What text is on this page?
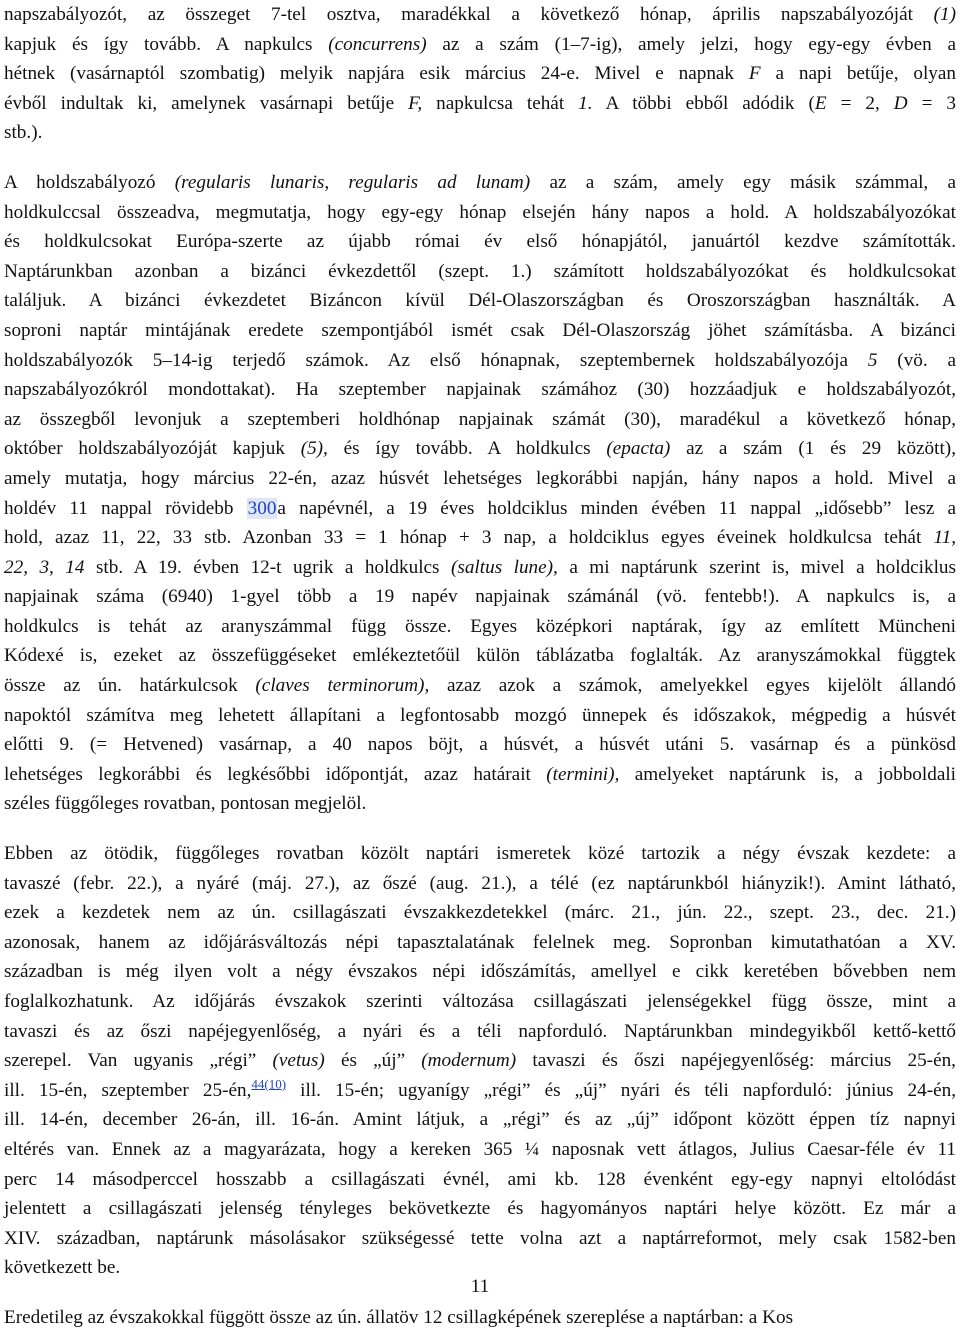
napszabályozót, az összeget 7-tel osztva, maradékkal a következő hónap, április napszabályozóját (1)
kapjuk és így tovább. A napkulcs (concurrens) az a szám (1–7-ig), amely jelzi, hogy egy-egy évben a
hétnek (vasárnaptól szombatig) melyik napjára esik március 24-e. Mivel e napnak F a napi betűje, olyan
évből indultak ki, amelynek vasárnapi betűje F, napkulcsa tehát 1. A többi ebből adódik (E = 2, D = 3
stb.).
A holdszabályozó (regularis lunaris, regularis ad lunam) az a szám, amely egy másik számmal, a
holdkulccsal összeadva, megmutatja, hogy egy-egy hónap elsején hány napos a hold. A holdszabályozókat
és holdkulcsokat Európa-szerte az újabb római év első hónapjától, januártól kezdve számították.
Naptárunkban azonban a bizánci évkezdettől (szept. 1.) számított holdszabályozókat és holdkulcsokat
találjuk. A bizánci évkezdetet Bizáncon kívül Dél-Olaszországban és Oroszországban használták. A
soproni naptár mintájának eredete szempontjából ismét csak Dél-Olaszország jöhet számításba. A bizánci
holdszabályozók 5–14-ig terjedő számok. Az első hónapnak, szeptembernek holdszabályozója 5 (vö. a
napszabályozókról mondottakat). Ha szeptember napjainak számához (30) hozzáadjuk e holdszabályozót,
az összegből levonjuk a szeptemberi holdhónap napjainak számát (30), maradékul a következő hónap,
október holdszabályozóját kapjuk (5), és így tovább. A holdkulcs (epacta) az a szám (1 és 29 között),
amely mutatja, hogy március 22-én, azaz húsvét lehetséges legkorábbi napján, hány napos a hold. Mivel a
holdév 11 nappal rövidebb 300a napévnél, a 19 éves holdciklus minden évében 11 nappal „idősebb” lesz a
hold, azaz 11, 22, 33 stb. Azonban 33 = 1 hónap + 3 nap, a holdciklus egyes éveinek holdkulcsa tehát 11,
22, 3, 14 stb. A 19. évben 12-t ugrik a holdkulcs (saltus lune), a mi naptárunk szerint is, mivel a holdciklus
napjainak száma (6940) 1-gyel több a 19 napév napjainak számánál (vö. fentebb!). A napkulcs is, a
holdkulcs is tehát az aranyszámmal függ össze. Egyes középkori naptárak, így az említett Müncheni
Kódexé is, ezeket az összefüggéseket emlékeztetőül külön táblázatba foglalták. Az aranyszámokkal függtek
össze az ún. határkulcsok (claves terminorum), azaz azok a számok, amelyekkel egyes kijelölt állandó
napoktól számítva meg lehetett állapítani a legfontosabb mozgó ünnepek és időszakok, mégpedig a húsvét
előtti 9. (= Hetvened) vasárnap, a 40 napos böjt, a húsvét, a húsvét utáni 5. vasárnap és a pünkösd
lehetséges legkorábbi és legkésőbbi időpontját, azaz határait (termini), amelyeket naptárunk is, a jobboldali
széles függőleges rovatban, pontosan megjelöl.
Ebben az ötödik, függőleges rovatban közölt naptári ismeretek közé tartozik a négy évszak kezdete: a
tavaszé (febr. 22.), a nyáré (máj. 27.), az őszé (aug. 21.), a télé (ez naptárunkból hiányzik!). Amint látható,
ezek a kezdetek nem az ún. csillagászati évszakkezdetekkel (márc. 21., jún. 22., szept. 23., dec. 21.)
azonosak, hanem az időjárásváltozás népi tapasztalatának felelnek meg. Sopronban kimutathatóan a XV.
században is még ilyen volt a négy évszakos népi időszámítás, amellyel e cikk keretében bővebben nem
foglalkozhatunk. Az időjárás évszakok szerinti változása csillagászati jelenségekkel függ össze, mint a
tavaszi és az őszi napéjegyenlőség, a nyári és a téli napforduló. Naptárunkban mindegyikből kettő-kettő
szerepel. Van ugyanis „régi” (vetus) és „új” (modernum) tavaszi és őszi napéjegyenlőség: március 25-én,
ill. 15-én, szeptember 25-én,$^{44(10)}$ ill. 15-én; ugyanígy „régi” és „új” nyári és téli napforduló: június 24-én,
ill. 14-én, december 26-án, ill. 16-án. Amint látjuk, a „régi” és az „új” időpont között éppen tíz napnyi
eltérés van. Ennek az a magyarázata, hogy a kereken 365 ¼ naposnak vett átlagos, Julius Caesar-féle év 11
perc 14 másodperccel hosszabb a csillagászati évnél, ami kb. 128 évenként egy-egy napnyi eltolódást
jelentett a csillagászati jelenség tényleges bekövetkezte és hagyományos naptári helye között. Ez már a
XIV. században, naptárunk másolásakor szükségessé tette volna azt a naptárreformot, mely csak 1582-ben
következett be.
Eredetileg az évszakokkal függött össze az ún. állatöv 12 csillagképének szereplése a naptárban: a Kos
11
